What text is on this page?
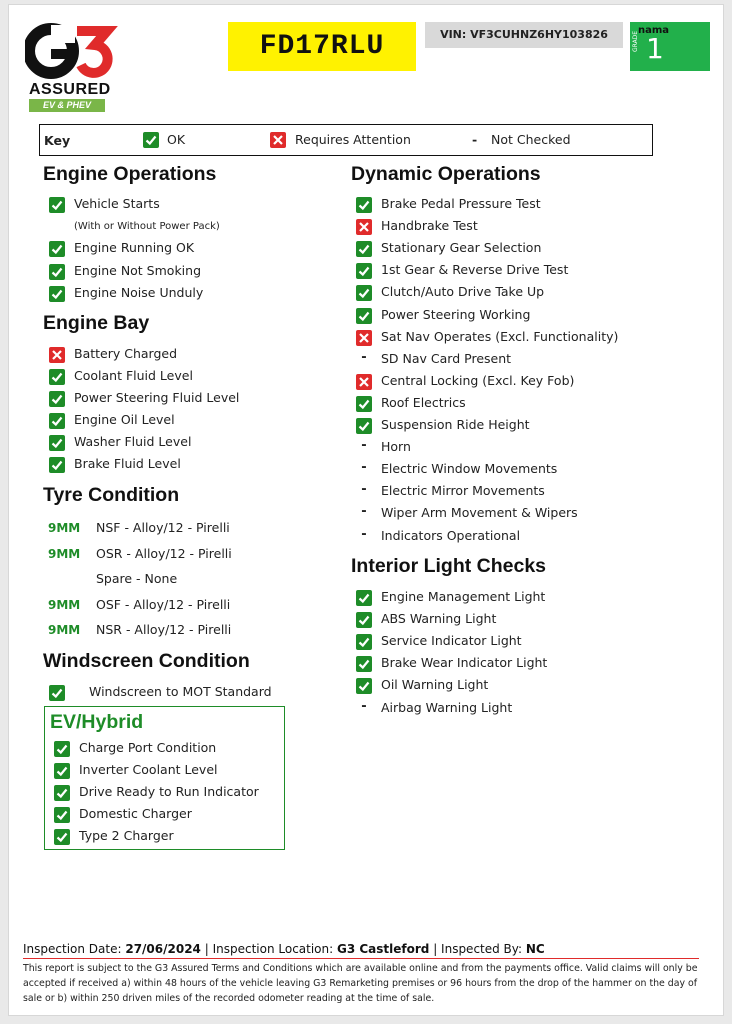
ASSURED
EV & PHEV
FD17RLU	VIN: VF3CUHNZ6HY103826	nama
GRADE 1
Key	OK	Requires Attention	- Not Checked
Engine Operations
Engine Bay
Tyre Condition
Windscreen Condition
Dynamic Operations
Interior Light Checks
Vehicle Starts
(With or Without Power Pack)
Engine Running OK
Engine Not Smoking
Engine Noise Unduly
Battery Charged
Coolant Fluid Level
Power Steering Fluid Level
Engine Oil Level
Washer Fluid Level
Brake Fluid Level
9MM NSF - Alloy/12 - Pirelli
9MM OSR - Alloy/12 - Pirelli
Spare - None
9MM OSF - Alloy/12 - Pirelli
9MM NSR - Alloy/12 - Pirelli
Windscreen to MOT Standard
Brake Pedal Pressure Test
Handbrake Test
Stationary Gear Selection
1st Gear & Reverse Drive Test
Clutch/Auto Drive Take Up
Power Steering Working
Sat Nav Operates (Excl. Functionality)
-	SD Nav Card Present
Central Locking (Excl. Key Fob)
Roof Electrics
Suspension Ride Height
-	Horn
-	Electric Window Movements
-	Electric Mirror Movements
-	Wiper Arm Movement & Wipers
-	Indicators Operational
Engine Management Light
ABS Warning Light
Service Indicator Light
Brake Wear Indicator Light
Oil Warning Light
-	Airbag Warning Light
EV/Hybrid
Charge Port Condition
Inverter Coolant Level
Drive Ready to Run Indicator
Domestic Charger
Type 2 Charger
Inspection Date: 27/06/2024 | Inspection Location: G3 Castleford | Inspected By: NC
This report is subject to the G3 Assured Terms and Conditions which are available online and from the payments office. Valid claims will only be accepted if received a) within 48 hours of the vehicle leaving G3 Remarketing premises or 96 hours from the drop of the hammer on the day of sale or b) within 250 driven miles of the recorded odometer reading at the time of sale.
